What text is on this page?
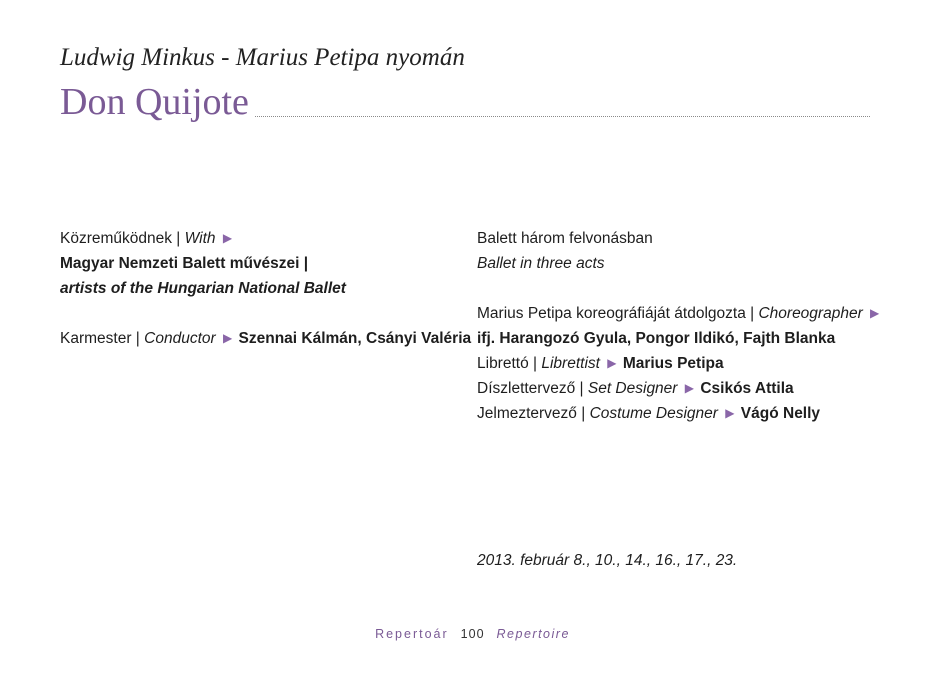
Ludwig Minkus - Marius Petipa nyomán
Don Quijote
Közreműködnek | With ▶
Magyar Nemzeti Balett művészei |
artists of the Hungarian National Ballet
Karmester | Conductor ▶ Szennai Kálmán, Csányi Valéria
Balett három felvonásban
Ballet in three acts
Marius Petipa koreográfiáját átdolgozta | Choreographer ▶
ifj. Harangozó Gyula, Pongor Ildikó, Fajth Blanka
Librettó | Librettist ▶ Marius Petipa
Díszlettervező | Set Designer ▶ Csikós Attila
Jelmeztervező | Costume Designer ▶ Vágó Nelly
2013. február 8., 10., 14., 16., 17., 23.
Repertoár 100 Repertoire
